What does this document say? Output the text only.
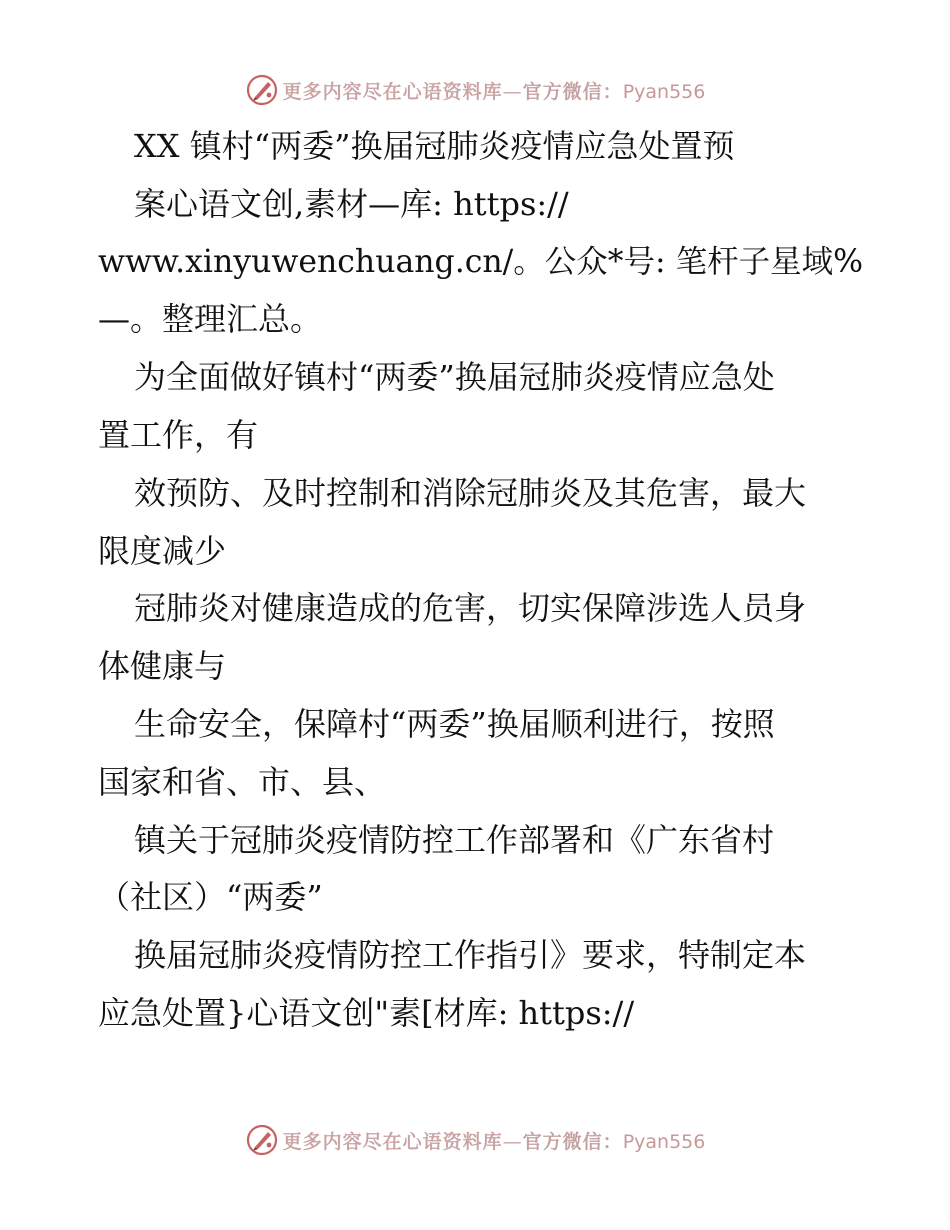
更多内容尽在心语资料库—官方微信：Pyan556
XX 镇村“两委”换届冠肺炎疫情应急处置预
案心语文创,素材—库: https://
www.xinyuwenchuang.cn/。公众*号: 笔杆子星域%
—。整理汇总。
为全面做好镇村“两委”换届冠肺炎疫情应急处
置工作，有
效预防、及时控制和消除冠肺炎及其危害，最大
限度减少
冠肺炎对健康造成的危害，切实保障涉选人员身
体健康与
生命安全，保障村“两委”换届顺利进行，按照
国家和省、市、县、
镇关于冠肺炎疫情防控工作部署和《广东省村
（社区）“两委”
换届冠肺炎疫情防控工作指引》要求，特制定本
应急处置}心语文创"素[材库: https://
更多内容尽在心语资料库—官方微信：Pyan556
